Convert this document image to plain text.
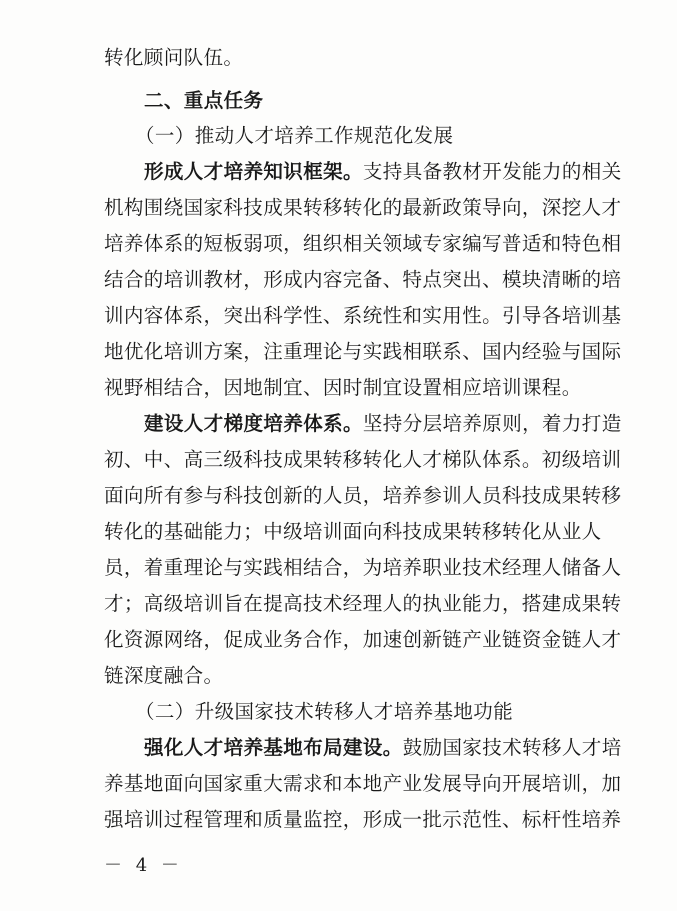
转化顾问队伍。
二、重点任务
（一）推动人才培养工作规范化发展
形成人才培养知识框架。支持具备教材开发能力的相关
机构围绕国家科技成果转移转化的最新政策导向，深挖人才
培养体系的短板弱项，组织相关领域专家编写普适和特色相
结合的培训教材，形成内容完备、特点突出、模块清晰的培
训内容体系，突出科学性、系统性和实用性。引导各培训基
地优化培训方案，注重理论与实践相联系、国内经验与国际
视野相结合，因地制宜、因时制宜设置相应培训课程。
建设人才梯度培养体系。坚持分层培养原则，着力打造
初、中、高三级科技成果转移转化人才梯队体系。初级培训
面向所有参与科技创新的人员，培养参训人员科技成果转移
转化的基础能力；中级培训面向科技成果转移转化从业人
员，着重理论与实践相结合，为培养职业技术经理人储备人
才；高级培训旨在提高技术经理人的执业能力，搭建成果转
化资源网络，促成业务合作，加速创新链产业链资金链人才
链深度融合。
（二）升级国家技术转移人才培养基地功能
强化人才培养基地布局建设。鼓励国家技术转移人才培
养基地面向国家重大需求和本地产业发展导向开展培训，加
强培训过程管理和质量监控，形成一批示范性、标杆性培养
－ 4 －
